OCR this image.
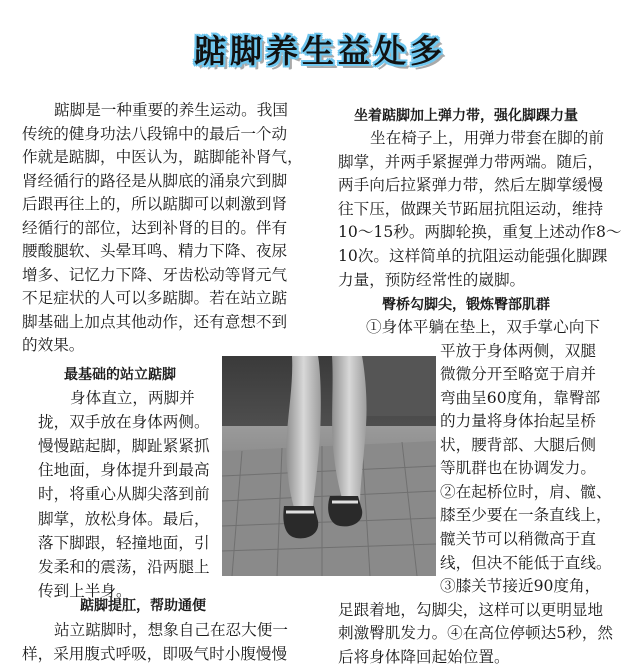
踮脚养生益处多
踮脚是一种重要的养生运动。我国
传统的健身功法八段锦中的最后一个动
作就是踮脚，中医认为，踮脚能补肾气，
肾经循行的路径是从脚底的涌泉穴到脚
后跟再往上的，所以踮脚可以刺激到肾
经循行的部位，达到补肾的目的。伴有
腰酸腿软、头晕耳鸣、精力下降、夜尿
增多、记忆力下降、牙齿松动等肾元气
不足症状的人可以多踮脚。若在站立踮
脚基础上加点其他动作，还有意想不到
的效果。
最基础的站立踮脚
身体直立，两脚并
拢，双手放在身体两侧。
慢慢踮起脚，脚趾紧紧抓
住地面，身体提升到最高
时，将重心从脚尖落到前
脚掌，放松身体。最后，
落下脚跟，轻撞地面，引
发柔和的震荡，沿两腿上
传到上半身。
踮脚提肛，帮助通便
站立踮脚时，想象自己在忍大便一
样，采用腹式呼吸，即吸气时小腹慢慢
坐着踮脚加上弹力带，强化脚踝力量
坐在椅子上，用弹力带套在脚的前
脚掌，并两手紧握弹力带两端。随后，
两手向后拉紧弹力带，然后左脚掌缓慢
往下压，做踝关节跖屈抗阻运动，维持
10～15秒。两脚轮换，重复上述动作8～
10次。这样简单的抗阻运动能强化脚踝
力量，预防经常性的崴脚。
臀桥勾脚尖，锻炼臀部肌群
①身体平躺在垫上，双手掌心向下
平放于身体两侧，双腿
微微分开至略宽于肩并
弯曲呈60度角，靠臀部
的力量将身体抬起呈桥
状，腰背部、大腿后侧
等肌群也在协调发力。
②在起桥位时，肩、髋、
膝至少要在一条直线上，
髋关节可以稍微高于直
线，但决不能低于直线。
③膝关节接近90度角，
足跟着地，勾脚尖，这样可以更明显地
刺激臀肌发力。④在高位停顿达5秒，然
后将身体降回起始位置。
